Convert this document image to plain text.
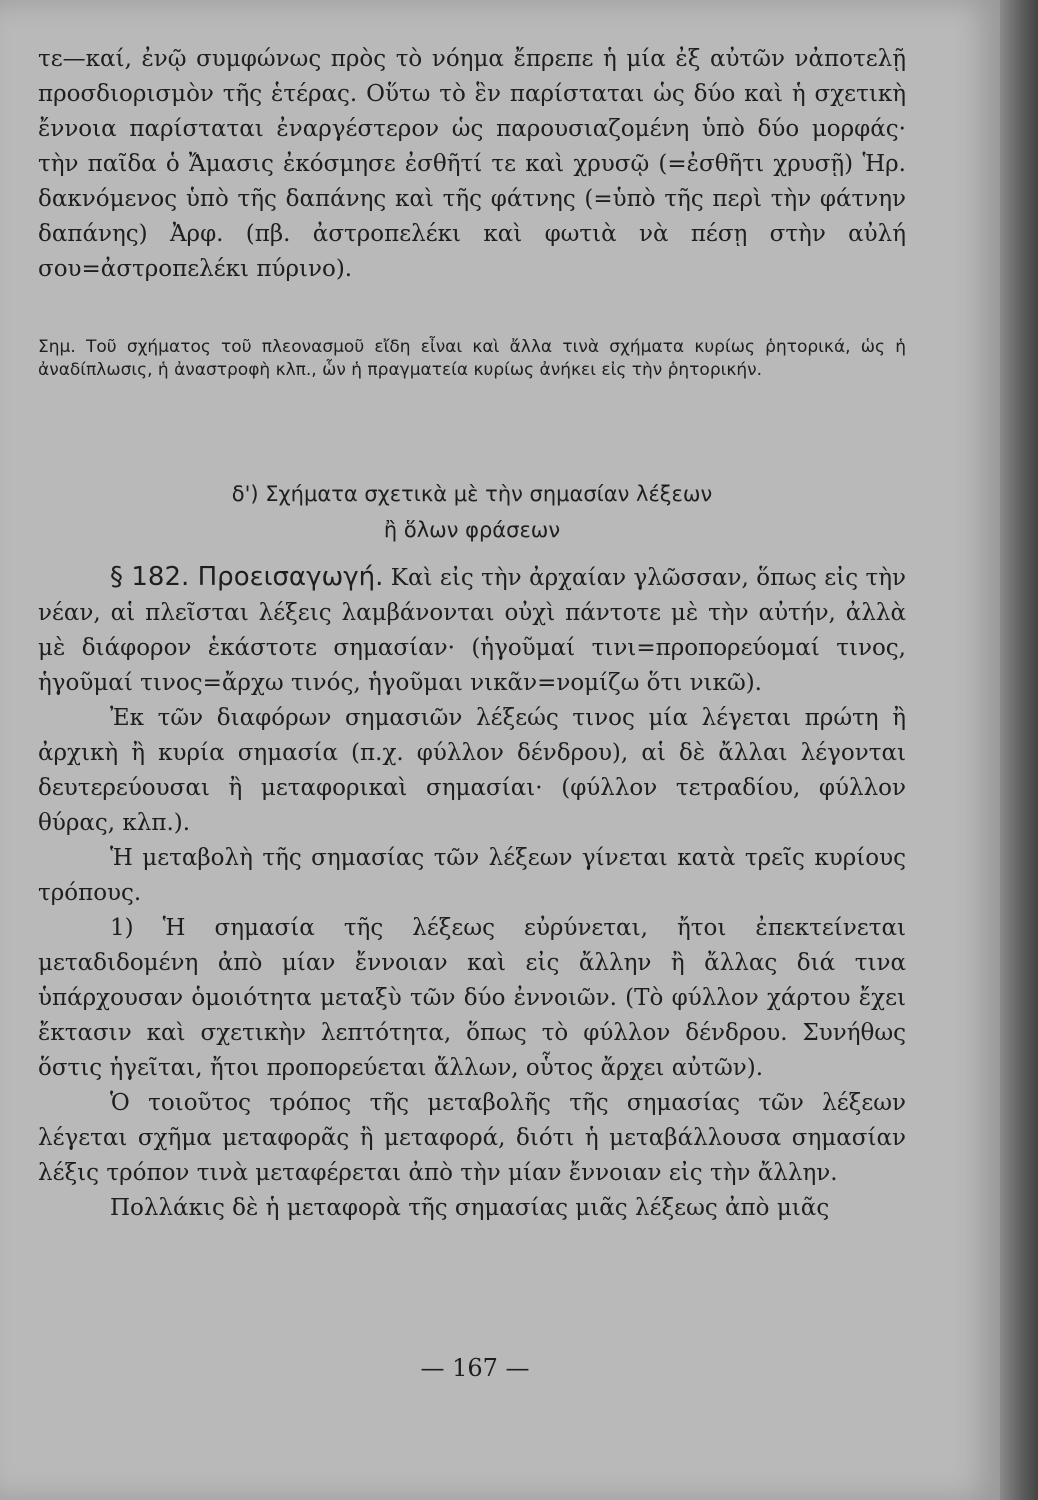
τε—καί, ἐνῷ συμφώνως πρὸς τὸ νόημα ἔπρεπε ἡ μία ἐξ αὐτῶν νἀποτελῇ προσδιορισμὸν τῆς ἑτέρας. Οὕτω τὸ ἓν παρίσταται ὡς δύο καὶ ἡ σχετικὴ ἔννοια παρίσταται ἐναργέστερον ὡς παρουσιαζομένη ὑπὸ δύο μορφάς· τὴν παῖδα ὁ Ἄμασις ἐκόσμησε ἐσθῆτί τε καὶ χρυσῷ (=ἐσθῆτι χρυσῇ) Ἡρ. δακνόμενος ὑπὸ τῆς δαπάνης καὶ τῆς φάτνης (=ὑπὸ τῆς περὶ τὴν φάτνην δαπάνης) Ἀρφ. (πβ. ἀστροπελέκι καὶ φωτιὰ νὰ πέσῃ στὴν αὐλή σου=ἀστροπελέκι πύρινο).

Σημ. Τοῦ σχήματος τοῦ πλεονασμοῦ εἴδη εἶναι καὶ ἄλλα τινὰ σχήματα κυρίως ῥητορικά, ὡς ἡ ἀναδίπλωσις, ἡ ἀναστροφὴ κλπ., ὧν ἡ πραγματεία κυρίως ἀνήκει εἰς τὴν ῥητορικήν.

δ') Σχήματα σχετικὰ μὲ τὴν σημασίαν λέξεων
ἢ ὅλων φράσεων

§ 182. Προεισαγωγή. Καὶ εἰς τὴν ἀρχαίαν γλῶσσαν, ὅπως εἰς τὴν νέαν, αἱ πλεῖσται λέξεις λαμβάνονται οὐχὶ πάντοτε μὲ τὴν αὐτήν, ἀλλὰ μὲ διάφορον ἑκάστοτε σημασίαν· (ἡγοῦμαί τινι=προπορεύομαί τινος, ἡγοῦμαί τινος=ἄρχω τινός, ἡγοῦμαι νικᾶν=νομίζω ὅτι νικῶ).

Ἐκ τῶν διαφόρων σημασιῶν λέξεώς τινος μία λέγεται πρώτη ἢ ἀρχικὴ ἢ κυρία σημασία (π.χ. φύλλον δένδρου), αἱ δὲ ἄλλαι λέγονται δευτερεύουσαι ἢ μεταφορικαὶ σημασίαι· (φύλλον τετραδίου, φύλλον θύρας, κλπ.).

Ἡ μεταβολὴ τῆς σημασίας τῶν λέξεων γίνεται κατὰ τρεῖς κυρίους τρόπους.

1) Ἡ σημασία τῆς λέξεως εὐρύνεται, ἤτοι ἐπεκτείνεται μεταδιδομένη ἀπὸ μίαν ἔννοιαν καὶ εἰς ἄλλην ἢ ἄλλας διά τινα ὑπάρχουσαν ὁμοιότητα μεταξὺ τῶν δύο ἐννοιῶν. (Τὸ φύλλον χάρτου ἔχει ἔκτασιν καὶ σχετικὴν λεπτότητα, ὅπως τὸ φύλλον δένδρου. Συνήθως ὅστις ἡγεῖται, ἤτοι προπορεύεται ἄλλων, οὗτος ἄρχει αὐτῶν).

Ὁ τοιοῦτος τρόπος τῆς μεταβολῆς τῆς σημασίας τῶν λέξεων λέγεται σχῆμα μεταφορᾶς ἢ μεταφορά, διότι ἡ μεταβάλλουσα σημασίαν λέξις τρόπον τινὰ μεταφέρεται ἀπὸ τὴν μίαν ἔννοιαν εἰς τὴν ἄλλην.

Πολλάκις δὲ ἡ μεταφορὰ τῆς σημασίας μιᾶς λέξεως ἀπὸ μιᾶς

— 167 —
